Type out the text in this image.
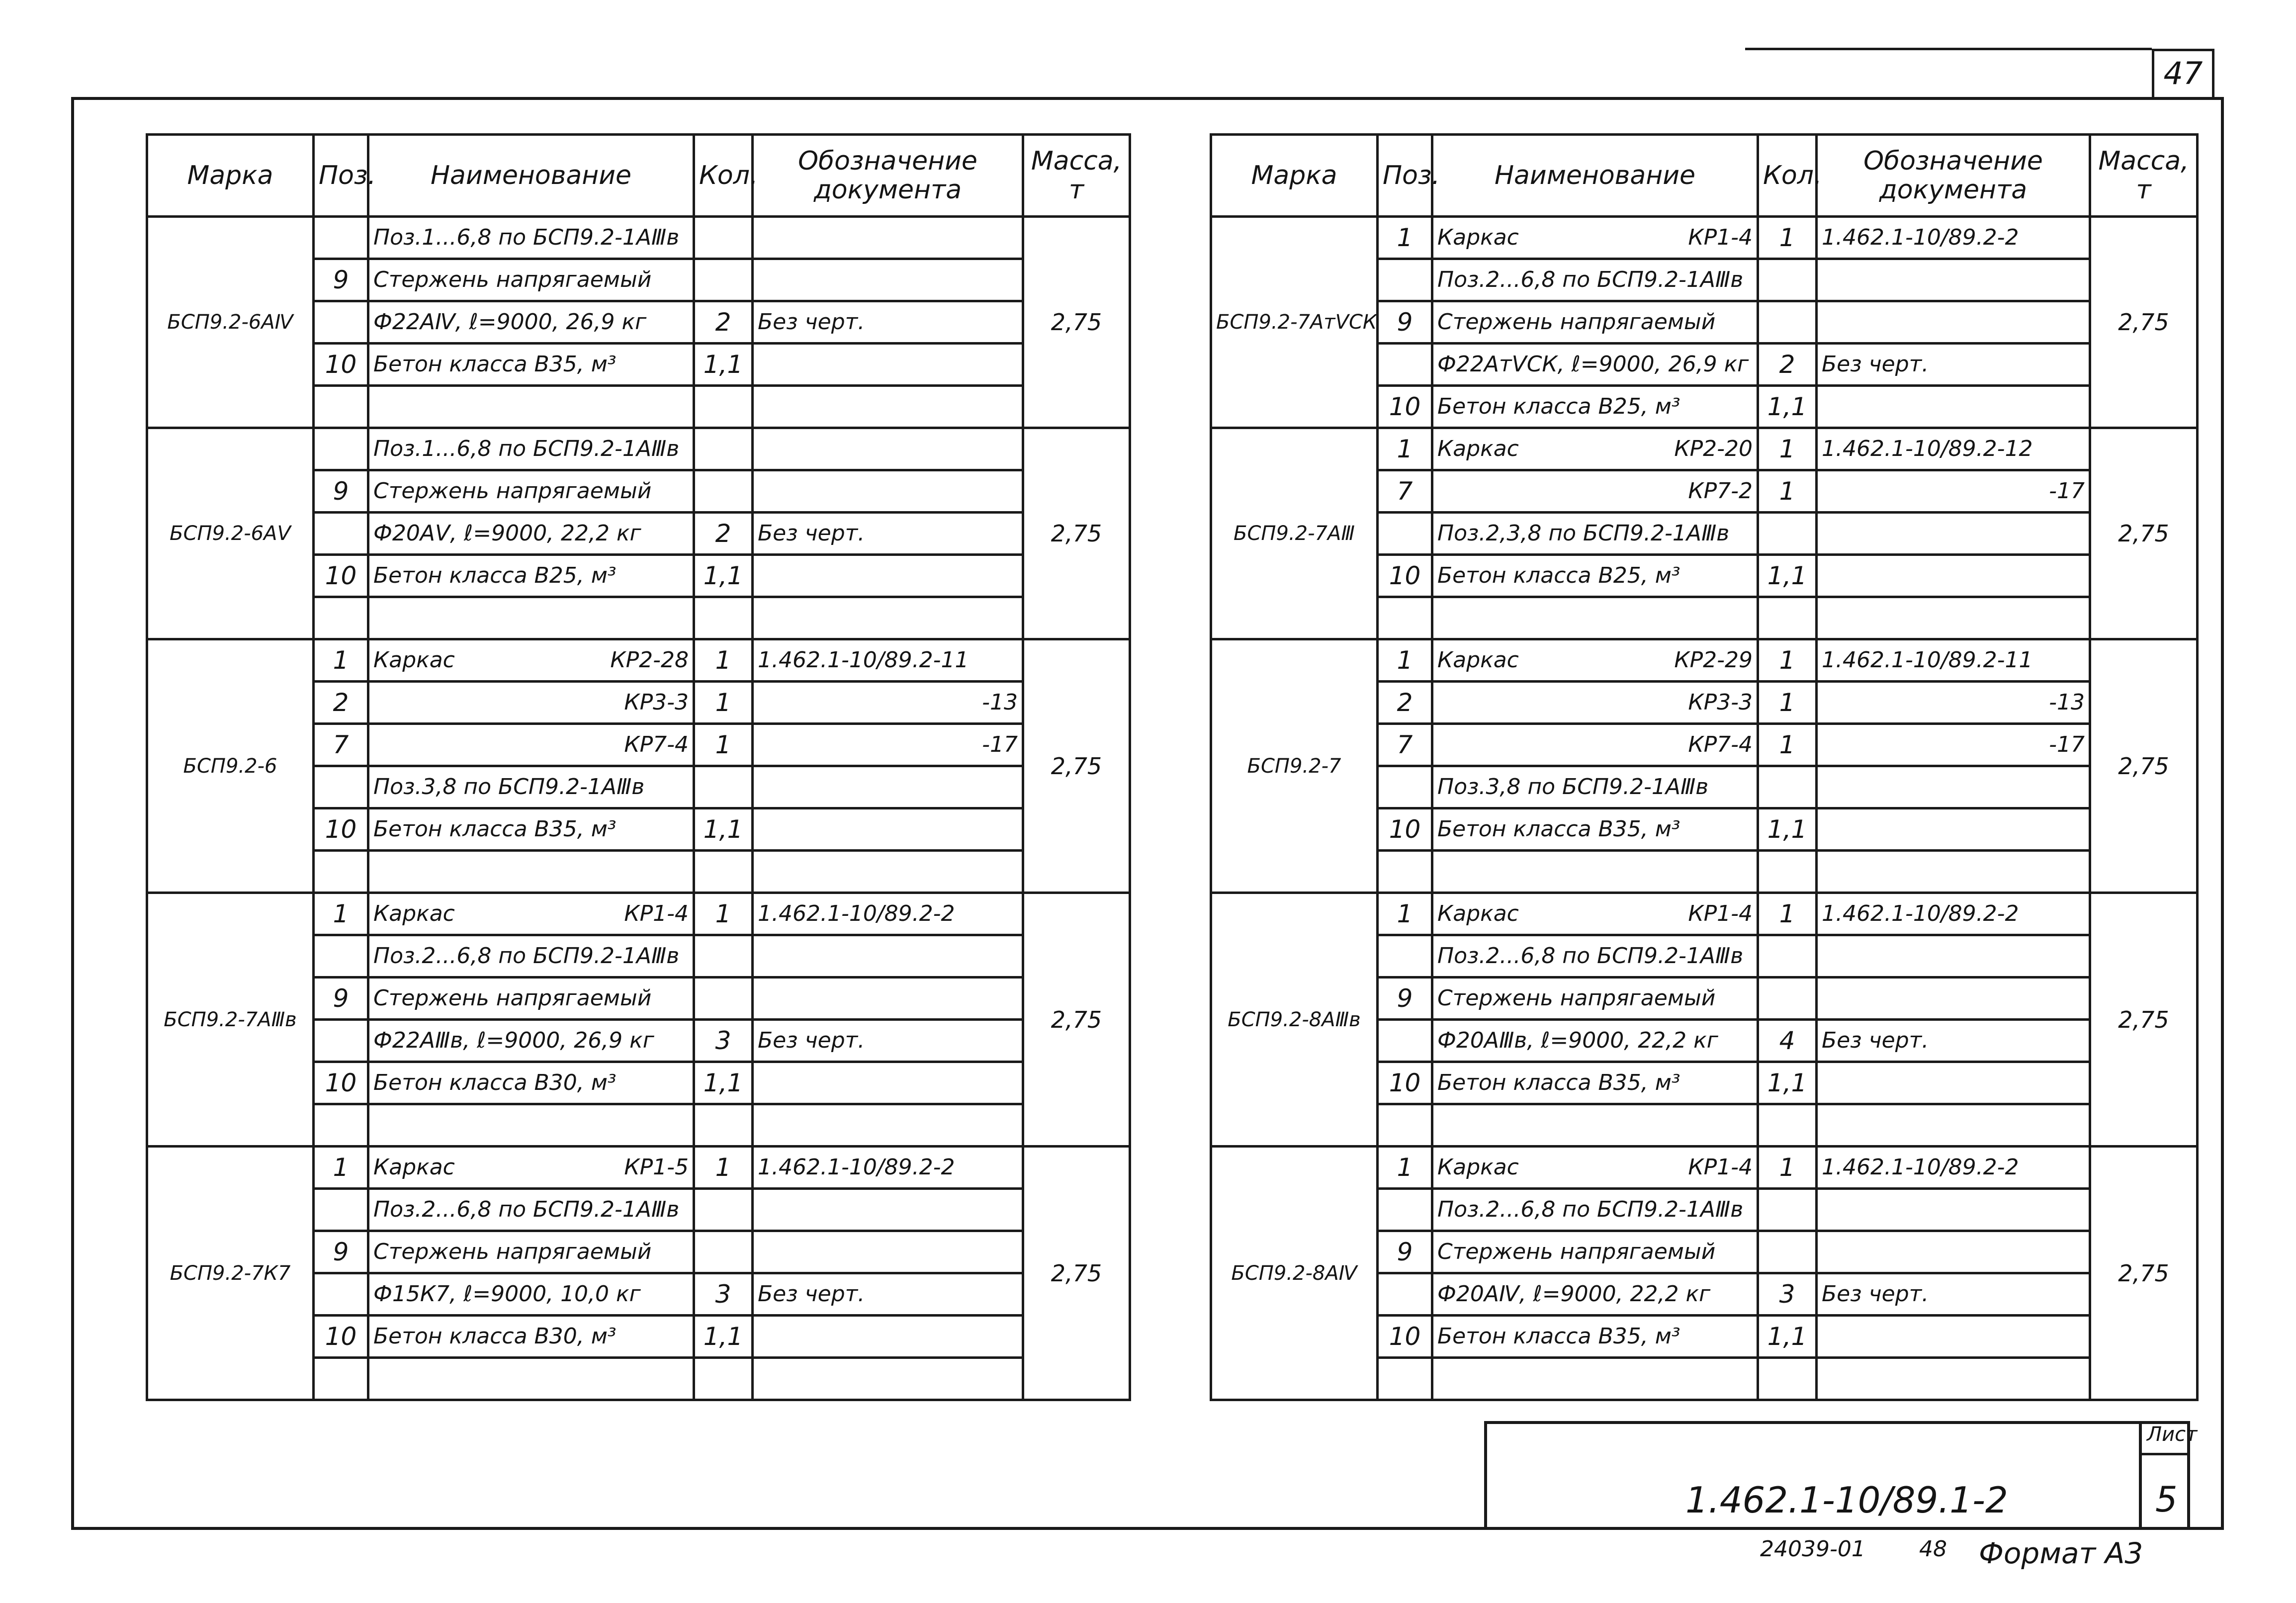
47
Марка	Поз.	Наименование	Кол.	Обозначение документа	Масса, т
БСП9.2-6АⅣ		Поз.1...6,8 по БСП9.2-1АⅢв			2,75
	9	Стержень напрягаемый			

		Ф22АⅣ, ℓ=9000, 26,9 кг	2	Без черт.	
	10	Бетон класса В35, м³	1,1		

БСП9.2-6АⅤ		Поз.1...6,8 по БСП9.2-1АⅢв			2,75
	9	Стержень напрягаемый			

		Ф20АⅤ, ℓ=9000, 22,2 кг	2	Без черт.	
	10	Бетон класса В25, м³	1,1		

БСП9.2-6	1	Каркас КР2-28	1	1.462.1-10/89.2-11	2,75
	2	КР3-3	1	-13	
	7	КР7-4	1	-17	

		Поз.3,8 по БСП9.2-1АⅢв			

	10	Бетон класса В35, м³	1,1		

БСП9.2-7АⅢв	1	Каркас КР1-4	1	1.462.1-10/89.2-2	2,75

		Поз.2...6,8 по БСП9.2-1АⅢв			

	9	Стержень напрягаемый			

		Ф22АⅢв, ℓ=9000, 26,9 кг	3	Без черт.	
	10	Бетон класса В30, м³	1,1		

БСП9.2-7К7	1	Каркас КР1-5	1	1.462.1-10/89.2-2	2,75

		Поз.2...6,8 по БСП9.2-1АⅢв			

	9	Стержень напрягаемый			

		Ф15К7, ℓ=9000, 10,0 кг	3	Без черт.	
	10	Бетон класса В30, м³	1,1		

Марка	Поз.	Наименование	Кол.	Обозначение документа	Масса, т
БСП9.2-7АтⅤСК	1	Каркас КР1-4	1	1.462.1-10/89.2-2	2,75

		Поз.2...6,8 по БСП9.2-1АⅢв			

	9	Стержень напрягаемый			

		Ф22АтⅤСК, ℓ=9000, 26,9 кг	2	Без черт.	
	10	Бетон класса В25, м³	1,1		
БСП9.2-7АⅢ	1	Каркас КР2-20	1	1.462.1-10/89.2-12	2,75
	7	КР7-2	1	-17	

		Поз.2,3,8 по БСП9.2-1АⅢв			

	10	Бетон класса В25, м³	1,1		

БСП9.2-7	1	Каркас КР2-29	1	1.462.1-10/89.2-11	2,75
	2	КР3-3	1	-13	
	7	КР7-4	1	-17	

		Поз.3,8 по БСП9.2-1АⅢв			

	10	Бетон класса В35, м³	1,1		

БСП9.2-8АⅢв	1	Каркас КР1-4	1	1.462.1-10/89.2-2	2,75

		Поз.2...6,8 по БСП9.2-1АⅢв			

	9	Стержень напрягаемый			

		Ф20АⅢв, ℓ=9000, 22,2 кг	4	Без черт.	
	10	Бетон класса В35, м³	1,1		

БСП9.2-8АⅣ	1	Каркас КР1-4	1	1.462.1-10/89.2-2	2,75

		Поз.2...6,8 по БСП9.2-1АⅢв			

	9	Стержень напрягаемый			

		Ф20АⅣ, ℓ=9000, 22,2 кг	3	Без черт.	
	10	Бетон класса В35, м³	1,1		

1.462.1-10/89.1-2
Лист
5
24039-01 48 Формат А3
